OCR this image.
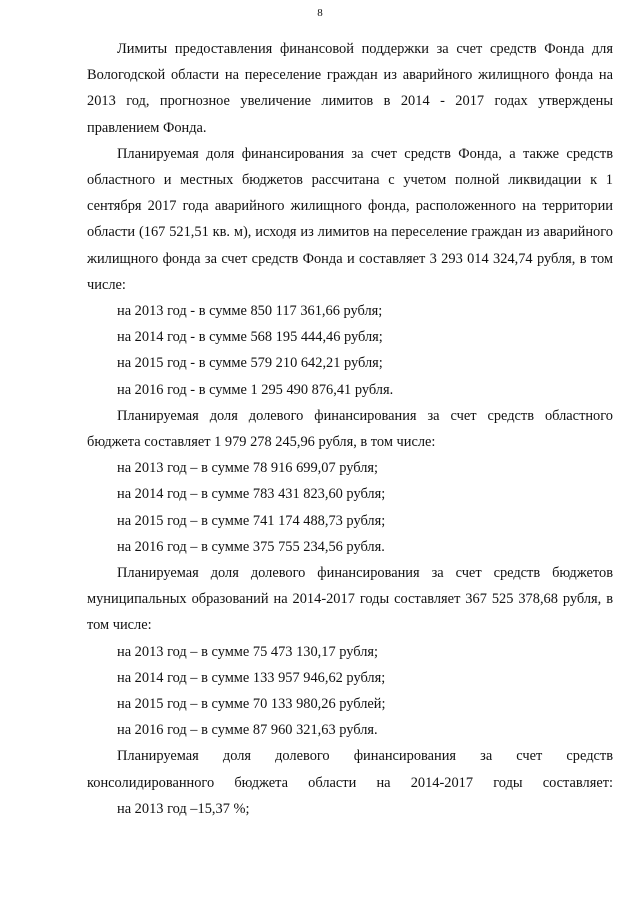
8

Лимиты предоставления финансовой поддержки за счет средств Фонда для Вологодской области на переселение граждан из аварийного жилищного фонда на 2013 год, прогнозное увеличение лимитов в 2014 - 2017 годах утверждены правлением Фонда.

Планируемая доля финансирования за счет средств Фонда, а также средств областного и местных бюджетов рассчитана с учетом полной ликвидации к 1 сентября 2017 года аварийного жилищного фонда, расположенного на территории области (167 521,51 кв. м), исходя из лимитов на переселение граждан из аварийного жилищного фонда за счет средств Фонда и составляет 3 293 014 324,74 рубля, в том числе:

на 2013 год - в сумме 850 117 361,66 рубля;

на 2014 год - в сумме 568 195 444,46 рубля;

на 2015 год - в сумме 579 210 642,21 рубля;

на 2016 год - в сумме 1 295 490 876,41 рубля.

Планируемая доля долевого финансирования за счет средств областного бюджета составляет 1 979 278 245,96 рубля, в том числе:

на 2013 год – в сумме 78 916 699,07 рубля;

на 2014 год – в сумме 783 431 823,60 рубля;

на 2015 год – в сумме 741 174 488,73 рубля;

на 2016 год – в сумме 375 755 234,56 рубля.

Планируемая доля долевого финансирования за счет средств бюджетов муниципальных образований на 2014-2017 годы составляет 367 525 378,68 рубля, в том числе:

на 2013 год – в сумме 75 473 130,17 рубля;

на 2014 год – в сумме 133 957 946,62 рубля;

на 2015 год – в сумме 70 133 980,26 рублей;

на 2016 год – в сумме 87 960 321,63 рубля.

Планируемая доля долевого финансирования за счет средств консолидированного бюджета области на 2014-2017 годы составляет:

на 2013 год –15,37 %;
